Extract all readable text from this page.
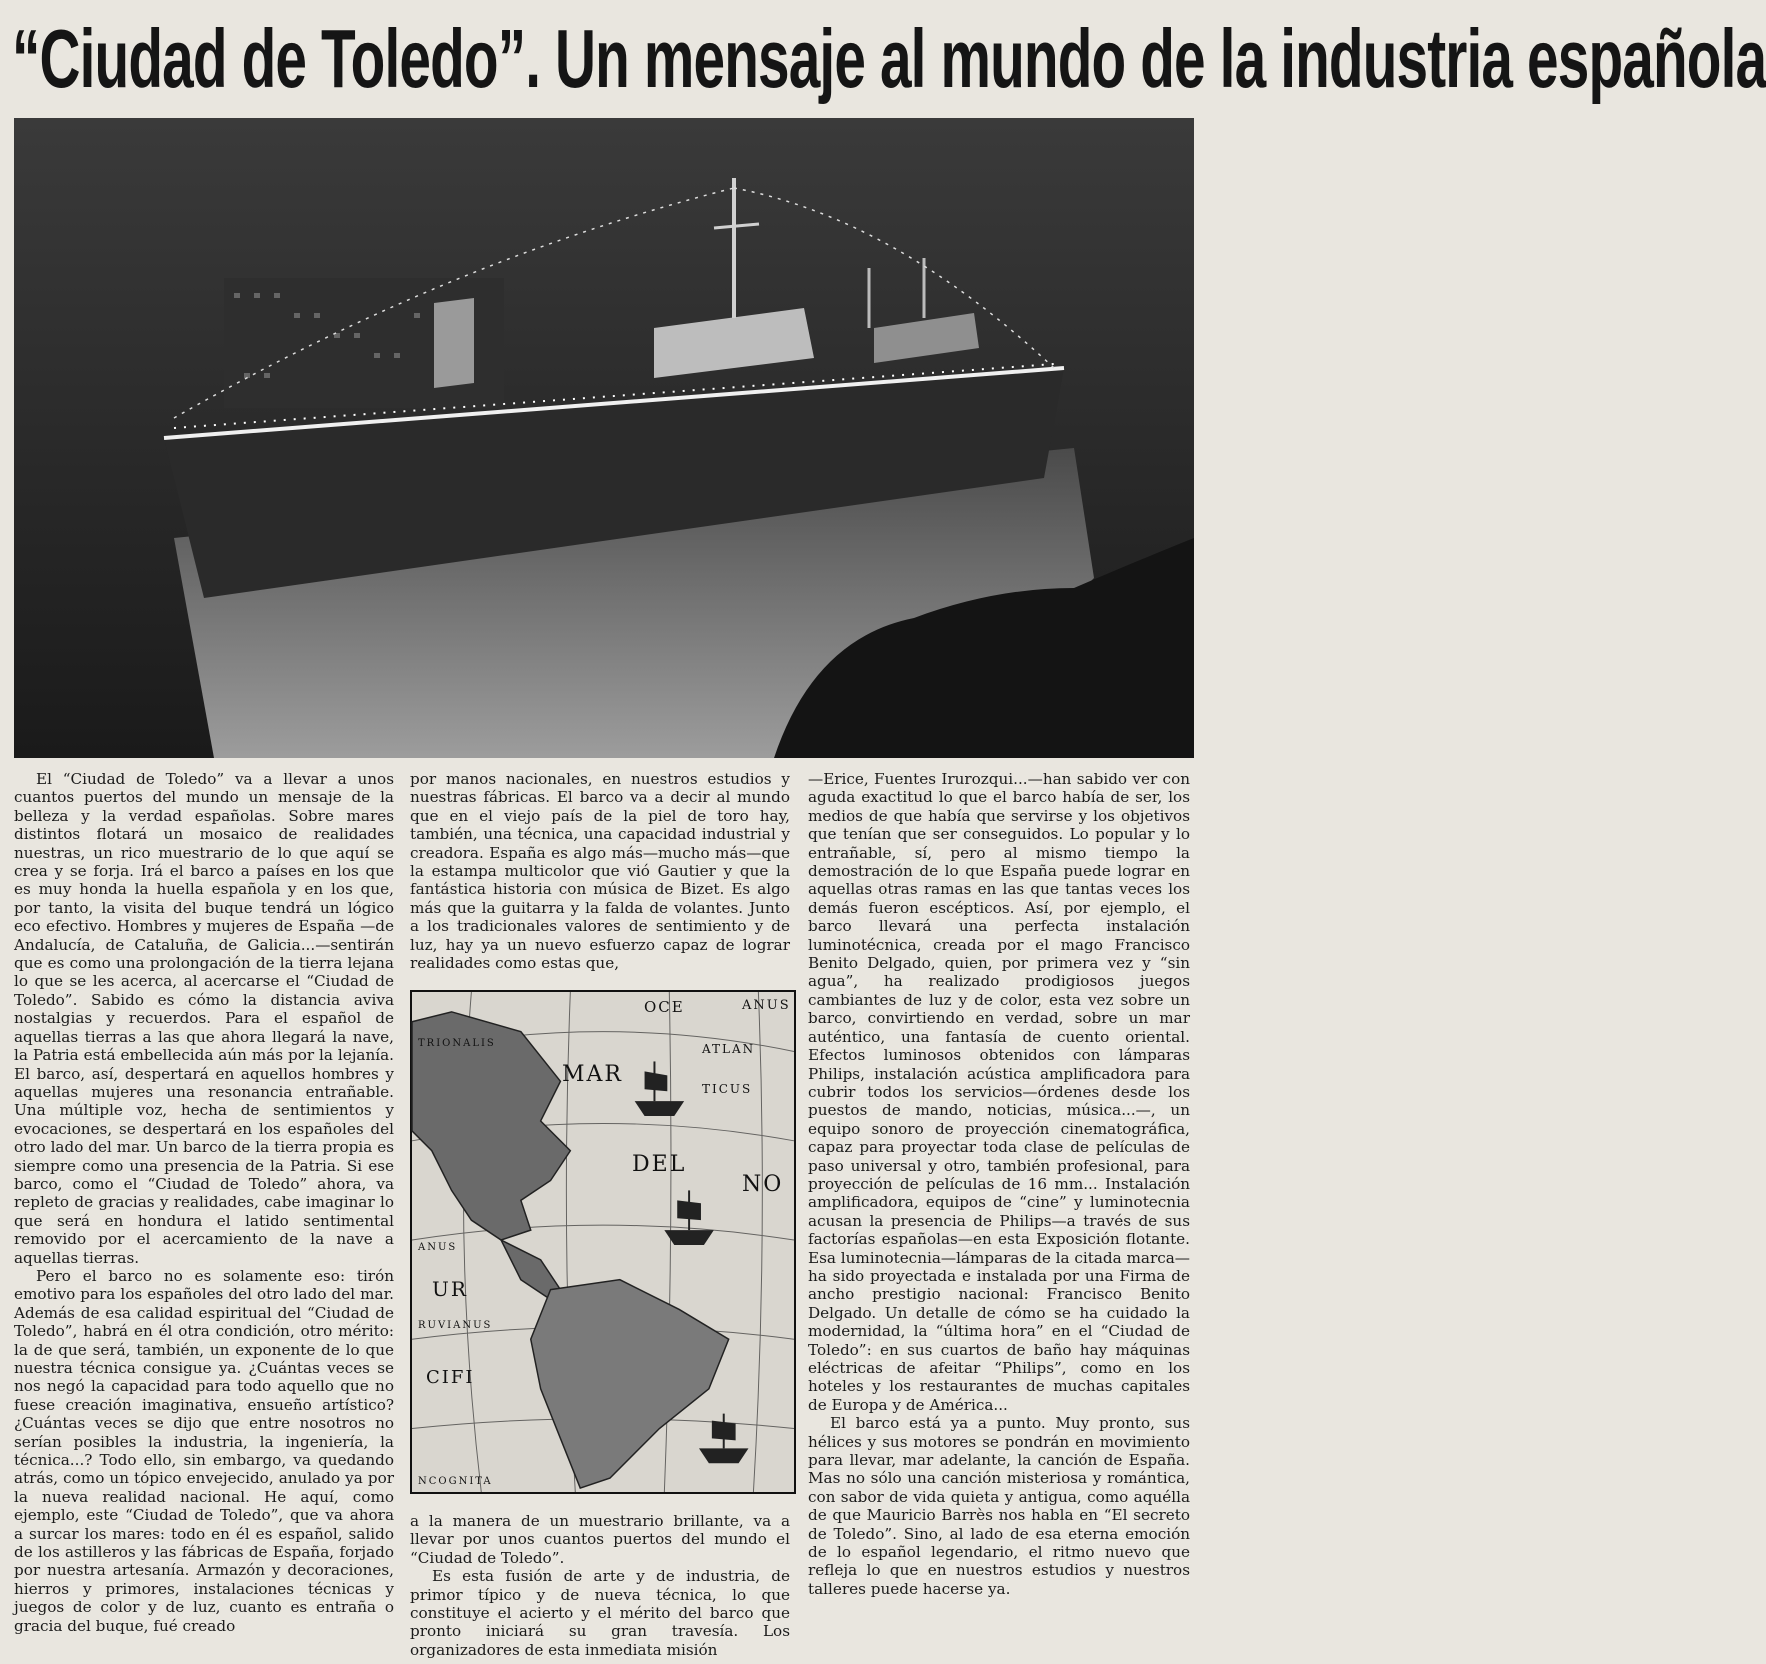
“Ciudad de Toledo”. Un mensaje al mundo de la industria española

El “Ciudad de Toledo” va a llevar a unos cuantos puertos del mundo un mensaje de la belleza y la verdad españolas. Sobre mares distintos flotará un mosaico de realidades nuestras, un rico muestrario de lo que aquí se crea y se forja. Irá el barco a países en los que es muy honda la huella española y en los que, por tanto, la visita del buque tendrá un lógico eco efectivo. Hombres y mujeres de España —de Andalucía, de Cataluña, de Galicia...—sentirán que es como una prolongación de la tierra lejana lo que se les acerca, al acercarse el “Ciudad de Toledo”. Sabido es cómo la distancia aviva nostalgias y recuerdos. Para el español de aquellas tierras a las que ahora llegará la nave, la Patria está embellecida aún más por la lejanía. El barco, así, despertará en aquellos hombres y aquellas mujeres una resonancia entrañable. Una múltiple voz, hecha de sentimientos y evocaciones, se despertará en los españoles del otro lado del mar. Un barco de la tierra propia es siempre como una presencia de la Patria. Si ese barco, como el “Ciudad de Toledo” ahora, va repleto de gracias y realidades, cabe imaginar lo que será en hondura el latido sentimental removido por el acercamiento de la nave a aquellas tierras.

Pero el barco no es solamente eso: tirón emotivo para los españoles del otro lado del mar. Además de esa calidad espiritual del “Ciudad de Toledo”, habrá en él otra condición, otro mérito: la de que será, también, un exponente de lo que nuestra técnica consigue ya. ¿Cuántas veces se nos negó la capacidad para todo aquello que no fuese creación imaginativa, ensueño artístico? ¿Cuántas veces se dijo que entre nosotros no serían posibles la industria, la ingeniería, la técnica...? Todo ello, sin embargo, va quedando atrás, como un tópico envejecido, anulado ya por la nueva realidad nacional. He aquí, como ejemplo, este “Ciudad de Toledo”, que va ahora a surcar los mares: todo en él es español, salido de los astilleros y las fábricas de España, forjado por nuestra artesanía. Armazón y decoraciones, hierros y primores, instalaciones técnicas y juegos de color y de luz, cuanto es entraña o gracia del buque, fué creado

por manos nacionales, en nuestros estudios y nuestras fábricas. El barco va a decir al mundo que en el viejo país de la piel de toro hay, también, una técnica, una capacidad industrial y creadora. España es algo más—mucho más—que la estampa multicolor que vió Gautier y que la fantástica historia con música de Bizet. Es algo más que la guitarra y la falda de volantes. Junto a los tradicionales valores de sentimiento y de luz, hay ya un nuevo esfuerzo capaz de lograr realidades como estas que,

a la manera de un muestrario brillante, va a llevar por unos cuantos puertos del mundo el “Ciudad de Toledo”.

Es esta fusión de arte y de industria, de primor típico y de nueva técnica, lo que constituye el acierto y el mérito del barco que pronto iniciará su gran travesía. Los organizadores de esta inmediata misión

OCE	ANUS
TRIONALIS	ATLAN
MAR
TICUS
DEL
NO
ANUS
UR
RUVIANUS
CIFI
NCOGNITA

—Erice, Fuentes Irurozqui...—han sabido ver con aguda exactitud lo que el barco había de ser, los medios de que había que servirse y los objetivos que tenían que ser conseguidos. Lo popular y lo entrañable, sí, pero al mismo tiempo la demostración de lo que España puede lograr en aquellas otras ramas en las que tantas veces los demás fueron escépticos. Así, por ejemplo, el barco llevará una perfecta instalación luminotécnica, creada por el mago Francisco Benito Delgado, quien, por primera vez y “sin agua”, ha realizado prodigiosos juegos cambiantes de luz y de color, esta vez sobre un barco, convirtiendo en verdad, sobre un mar auténtico, una fantasía de cuento oriental. Efectos luminosos obtenidos con lámparas Philips, instalación acústica amplificadora para cubrir todos los servicios—órdenes desde los puestos de mando, noticias, música...—, un equipo sonoro de proyección cinematográfica, capaz para proyectar toda clase de películas de paso universal y otro, también profesional, para proyección de películas de 16 mm... Instalación amplificadora, equipos de “cine” y luminotecnia acusan la presencia de Philips—a través de sus factorías españolas—en esta Exposición flotante. Esa luminotecnia—lámparas de la citada marca—ha sido proyectada e instalada por una Firma de ancho prestigio nacional: Francisco Benito Delgado. Un detalle de cómo se ha cuidado la modernidad, la “última hora” en el “Ciudad de Toledo”: en sus cuartos de baño hay máquinas eléctricas de afeitar “Philips”, como en los hoteles y los restaurantes de muchas capitales de Europa y de América...

El barco está ya a punto. Muy pronto, sus hélices y sus motores se pondrán en movimiento para llevar, mar adelante, la canción de España. Mas no sólo una canción misteriosa y romántica, con sabor de vida quieta y antigua, como aquélla de que Mauricio Barrès nos habla en “El secreto de Toledo”. Sino, al lado de esa eterna emoción de lo español legendario, el ritmo nuevo que refleja lo que en nuestros estudios y nuestros talleres puede hacerse ya.
